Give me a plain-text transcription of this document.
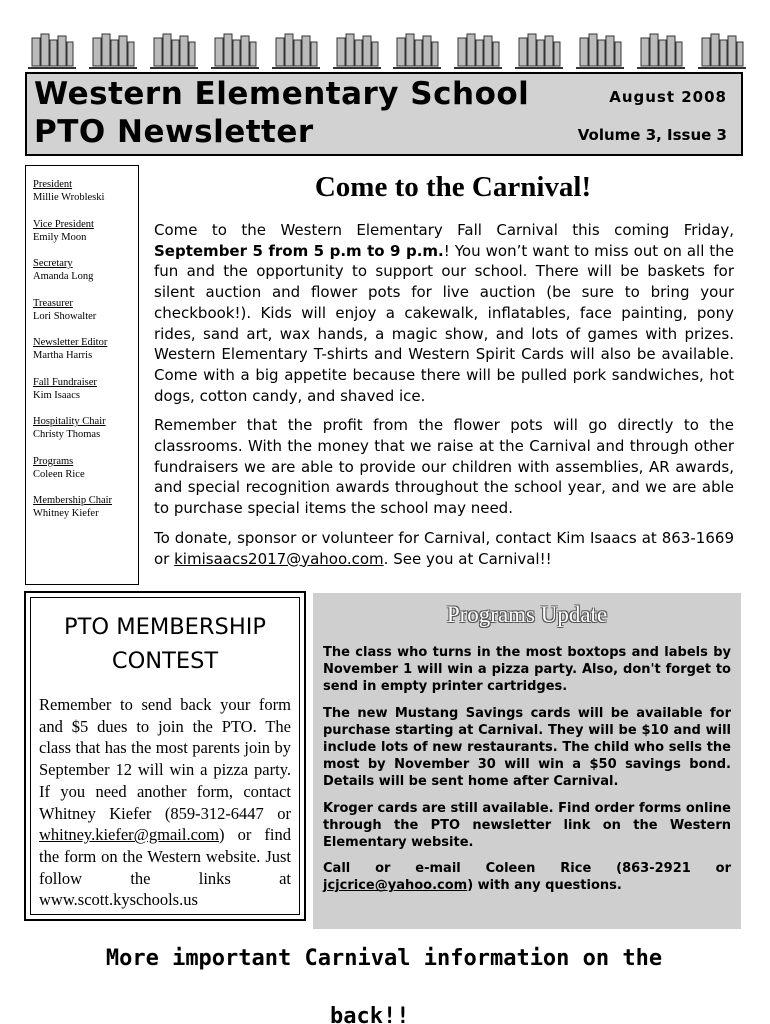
Western Elementary School
PTO Newsletter
August 2008
Volume 3, Issue 3
President
Millie Wrobleski
Vice President
Emily Moon
Secretary
Amanda Long
Treasurer
Lori Showalter
Newsletter Editor
Martha Harris
Fall Fundraiser
Kim Isaacs
Hospitality Chair
Christy Thomas
Programs
Coleen Rice
Membership Chair
Whitney Kiefer
Come to the Carnival!

Come to the Western Elementary Fall Carnival this coming Friday, September 5 from 5 p.m to 9 p.m.! You won’t want to miss out on all the fun and the opportunity to support our school. There will be baskets for silent auction and flower pots for live auction (be sure to bring your checkbook!). Kids will enjoy a cakewalk, inflatables, face painting, pony rides, sand art, wax hands, a magic show, and lots of games with prizes. Western Elementary T-shirts and Western Spirit Cards will also be available. Come with a big appetite because there will be pulled pork sandwiches, hot dogs, cotton candy, and shaved ice.

Remember that the profit from the flower pots will go directly to the classrooms. With the money that we raise at the Carnival and through other fundraisers we are able to provide our children with assemblies, AR awards, and special recognition awards throughout the school year, and we are able to purchase special items the school may need.

To donate, sponsor or volunteer for Carnival, contact Kim Isaacs at 863-1669 or kimisaacs2017@yahoo.com. See you at Carnival!!

PTO MEMBERSHIP CONTEST
Remember to send back your form and $5 dues to join the PTO. The class that has the most parents join by September 12 will win a pizza party. If you need another form, contact Whitney Kiefer (859-312-6447 or whitney.kiefer@gmail.com) or find the form on the Western website. Just follow the links at www.scott.kyschools.us
Programs Update

The class who turns in the most boxtops and labels by November 1 will win a pizza party. Also, don't forget to send in empty printer cartridges.

The new Mustang Savings cards will be available for purchase starting at Carnival. They will be $10 and will include lots of new restaurants. The child who sells the most by November 30 will win a $50 savings bond. Details will be sent home after Carnival.

Kroger cards are still available. Find order forms online through the PTO newsletter link on the Western Elementary website.

Call or e-mail Coleen Rice (863-2921 or jcjcrice@yahoo.com) with any questions.

More important Carnival information on the
back!!
